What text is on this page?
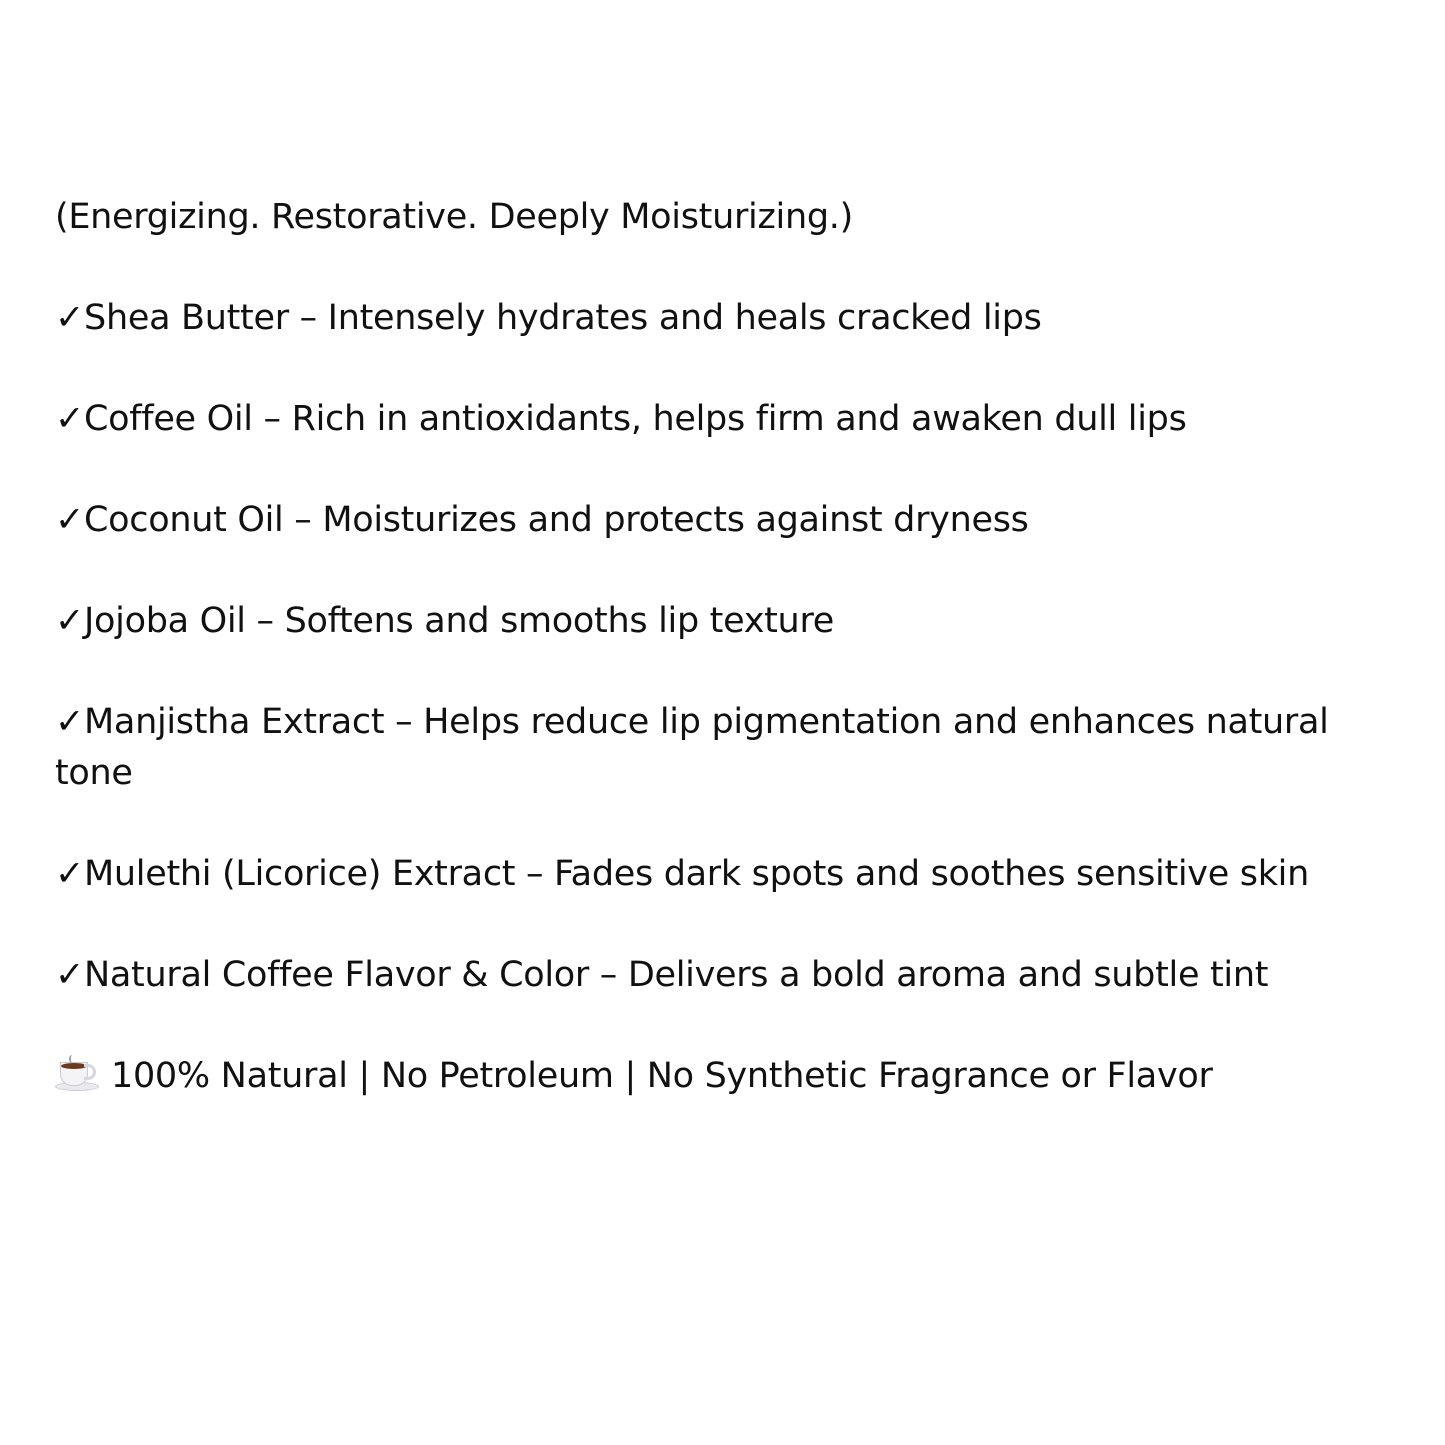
(Energizing. Restorative. Deeply Moisturizing.)

✓Shea Butter – Intensely hydrates and heals cracked lips

✓Coffee Oil – Rich in antioxidants, helps firm and awaken dull lips

✓Coconut Oil – Moisturizes and protects against dryness

✓Jojoba Oil – Softens and smooths lip texture

✓Manjistha Extract – Helps reduce lip pigmentation and enhances natural tone

✓Mulethi (Licorice) Extract – Fades dark spots and soothes sensitive skin

✓Natural Coffee Flavor & Color – Delivers a bold aroma and subtle tint

100% Natural | No Petroleum | No Synthetic Fragrance or Flavor
